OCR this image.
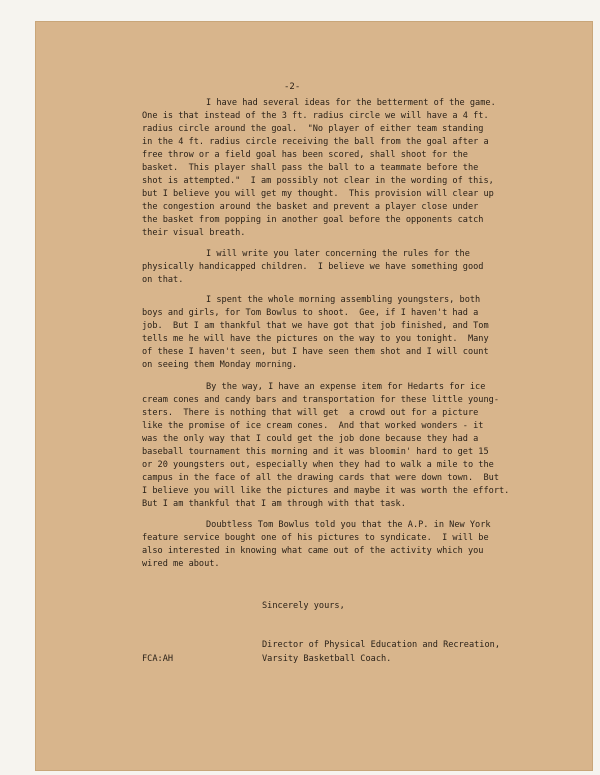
-2-
I have had several ideas for the betterment of the game.
One is that instead of the 3 ft. radius circle we will have a 4 ft.
radius circle around the goal.  "No player of either team standing
in the 4 ft. radius circle receiving the ball from the goal after a
free throw or a field goal has been scored, shall shoot for the
basket.  This player shall pass the ball to a teammate before the
shot is attempted."  I am possibly not clear in the wording of this,
but I believe you will get my thought.  This provision will clear up
the congestion around the basket and prevent a player close under
the basket from popping in another goal before the opponents catch
their visual breath.
I will write you later concerning the rules for the
physically handicapped children.  I believe we have something good
on that.
I spent the whole morning assembling youngsters, both
boys and girls, for Tom Bowlus to shoot.  Gee, if I haven't had a
job.  But I am thankful that we have got that job finished, and Tom
tells me he will have the pictures on the way to you tonight.  Many
of these I haven't seen, but I have seen them shot and I will count
on seeing them Monday morning.
By the way, I have an expense item for Hedarts for ice
cream cones and candy bars and transportation for these little young-
sters.  There is nothing that will get  a crowd out for a picture
like the promise of ice cream cones.  And that worked wonders - it
was the only way that I could get the job done because they had a
baseball tournament this morning and it was bloomin' hard to get 15
or 20 youngsters out, especially when they had to walk a mile to the
campus in the face of all the drawing cards that were down town.  But
I believe you will like the pictures and maybe it was worth the effort.
But I am thankful that I am through with that task.
Doubtless Tom Bowlus told you that the A.P. in New York
feature service bought one of his pictures to syndicate.  I will be
also interested in knowing what came out of the activity which you
wired me about.
Sincerely yours,
Director of Physical Education and Recreation,
FCA:AH	Varsity Basketball Coach.
